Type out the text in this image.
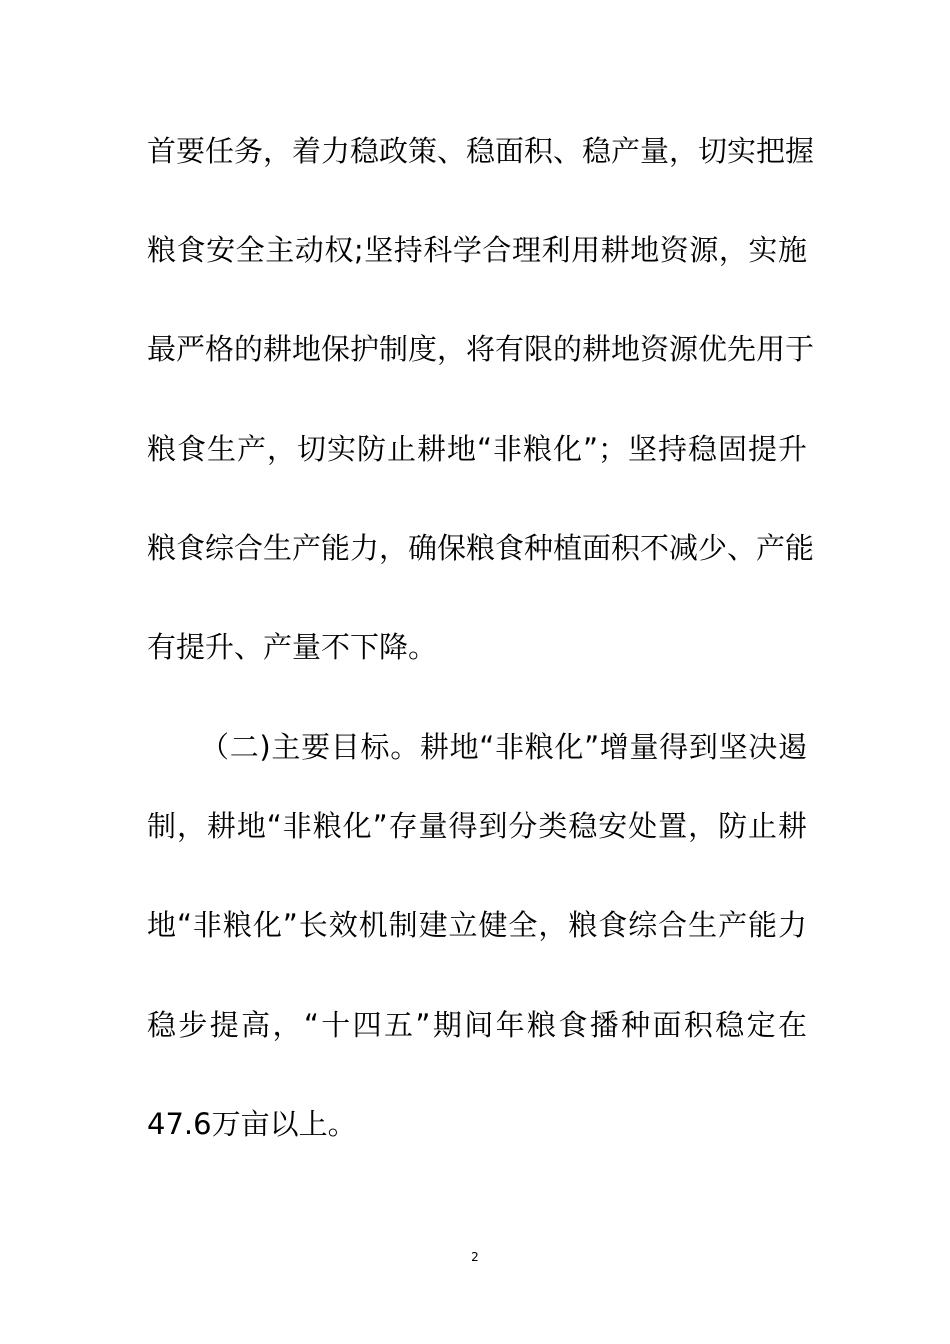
首要任务，着力稳政策、稳面积、稳产量，切实把握
粮食安全主动权;坚持科学合理利用耕地资源，实施
最严格的耕地保护制度，将有限的耕地资源优先用于
粮食生产，切实防止耕地“非粮化”；坚持稳固提升
粮食综合生产能力，确保粮食种植面积不减少、产能
有提升、产量不下降。
（二)主要目标。耕地“非粮化”增量得到坚决遏
制，耕地“非粮化”存量得到分类稳安处置，防止耕
地“非粮化”长效机制建立健全，粮食综合生产能力
稳步提高，“十四五”期间年粮食播种面积稳定在
47.6万亩以上。
2
